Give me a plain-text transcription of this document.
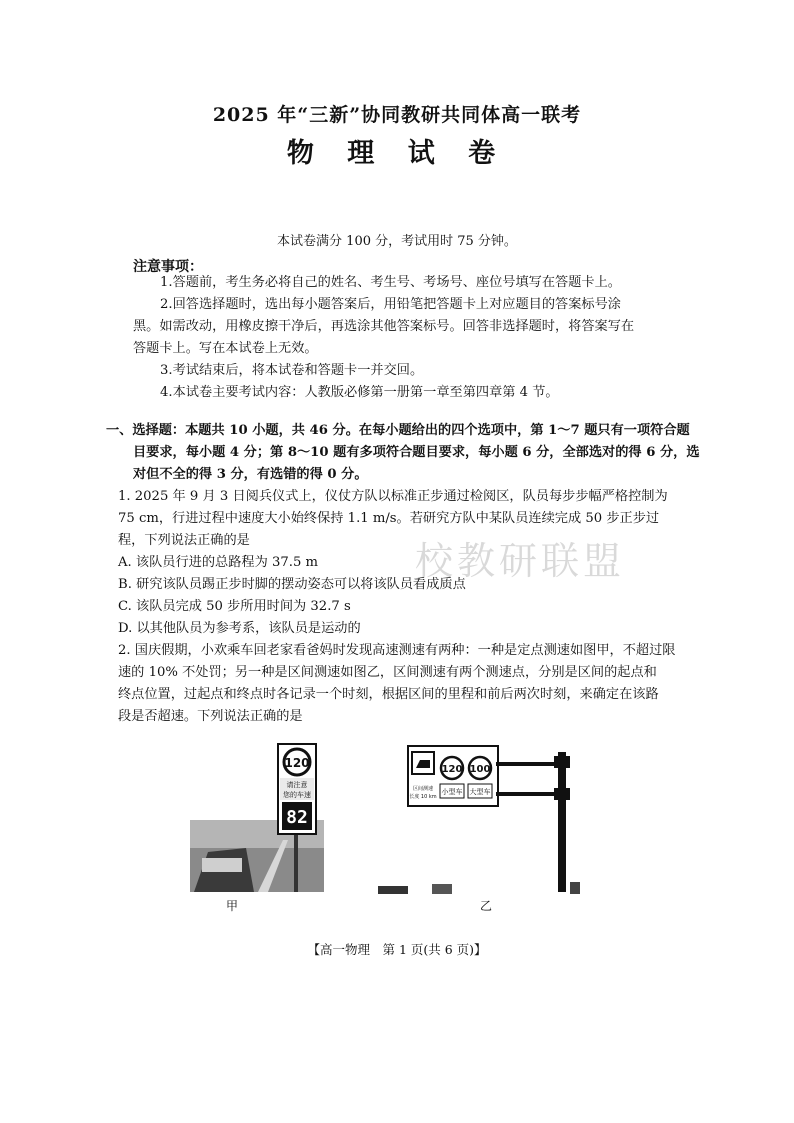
2025 年“三新”协同教研共同体高一联考
物 理 试 卷
本试卷满分 100 分，考试用时 75 分钟。
注意事项：
1.答题前，考生务必将自己的姓名、考生号、考场号、座位号填写在答题卡上。
2.回答选择题时，选出每小题答案后，用铅笔把答题卡上对应题目的答案标号涂
黑。如需改动，用橡皮擦干净后，再选涂其他答案标号。回答非选择题时，将答案写在
答题卡上。写在本试卷上无效。
3.考试结束后，将本试卷和答题卡一并交回。
4.本试卷主要考试内容：人教版必修第一册第一章至第四章第 4 节。
一、选择题：本题共 10 小题，共 46 分。在每小题给出的四个选项中，第 1～7 题只有一项符合题
目要求，每小题 4 分；第 8～10 题有多项符合题目要求，每小题 6 分，全部选对的得 6 分，选
对但不全的得 3 分，有选错的得 0 分。
校教研联盟
1. 2025 年 9 月 3 日阅兵仪式上，仪仗方队以标准正步通过检阅区，队员每步步幅严格控制为
75 cm，行进过程中速度大小始终保持 1.1 m/s。若研究方队中某队员连续完成 50 步正步过
程，下列说法正确的是
A. 该队员行进的总路程为 37.5 m
B. 研究该队员踢正步时脚的摆动姿态可以将该队员看成质点
C. 该队员完成 50 步所用时间为 32.7 s
D. 以其他队员为参考系，该队员是运动的
2. 国庆假期，小欢乘车回老家看爸妈时发现高速测速有两种：一种是定点测速如图甲，不超过限
速的 10% 不处罚；另一种是区间测速如图乙，区间测速有两个测速点，分别是区间的起点和
终点位置，过起点和终点时各记录一个时刻，根据区间的里程和前后两次时刻，来确定在该路
段是否超速。下列说法正确的是
120
请注意
您的车速
82
甲
120 100
区间测速
长度 10 km
小型车 大型车
乙
【高一物理　第 1 页(共 6 页)】
